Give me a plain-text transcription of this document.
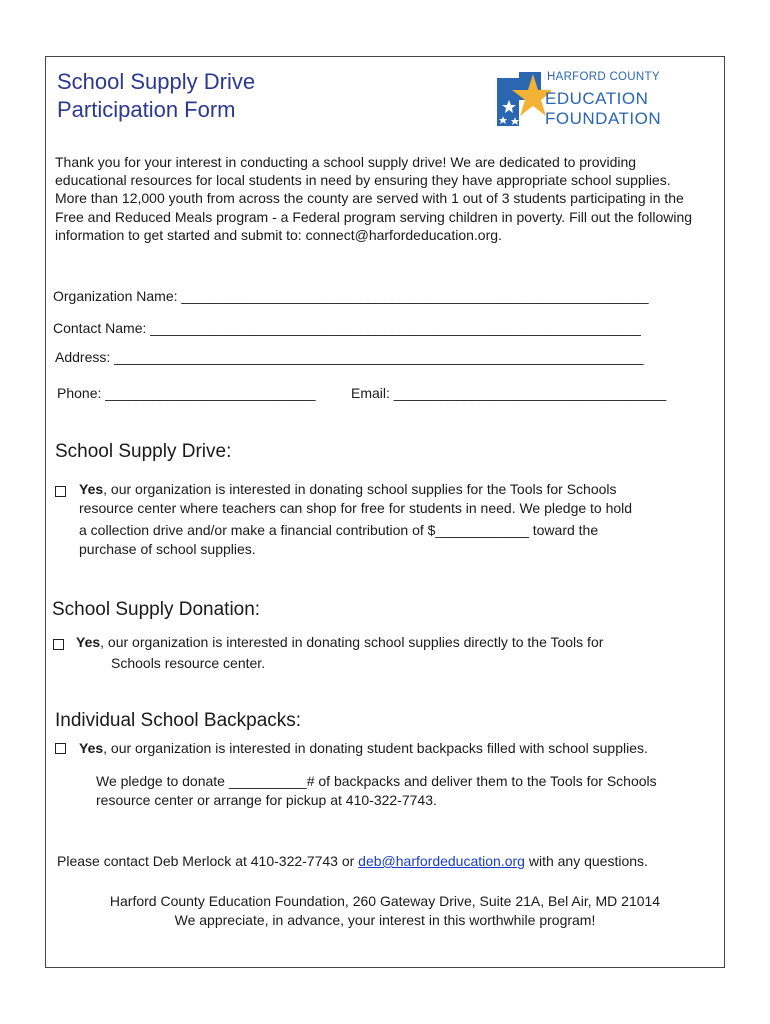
School Supply Drive
Participation Form
HARFORD COUNTY
EDUCATION
FOUNDATION

Thank you for your interest in conducting a school supply drive! We are dedicated to providing educational resources for local students in need by ensuring they have appropriate school supplies. More than 12,000 youth from across the county are served with 1 out of 3 students participating in the Free and Reduced Meals program - a Federal program serving children in poverty. Fill out the following information to get started and submit to: connect@harfordeducation.org.

Organization Name: ____________________________________________________________
Contact Name: _______________________________________________________________
Address: ____________________________________________________________________
Phone: ___________________________	Email: ___________________________________
School Supply Drive:

Yes, our organization is interested in donating school supplies for the Tools for Schools
resource center where teachers can shop for free for students in need. We pledge to hold

a collection drive and/or make a financial contribution of $____________ toward the
purchase of school supplies.

School Supply Donation:

Yes, our organization is interested in donating school supplies directly to the Tools for

Schools resource center.

Individual School Backpacks:

Yes, our organization is interested in donating student backpacks filled with school supplies.

We pledge to donate __________# of backpacks and deliver them to the Tools for Schools
resource center or arrange for pickup at 410-322-7743.

Please contact Deb Merlock at 410-322-7743 or deb@harfordeducation.org with any questions.

Harford County Education Foundation, 260 Gateway Drive, Suite 21A, Bel Air, MD 21014
We appreciate, in advance, your interest in this worthwhile program!
